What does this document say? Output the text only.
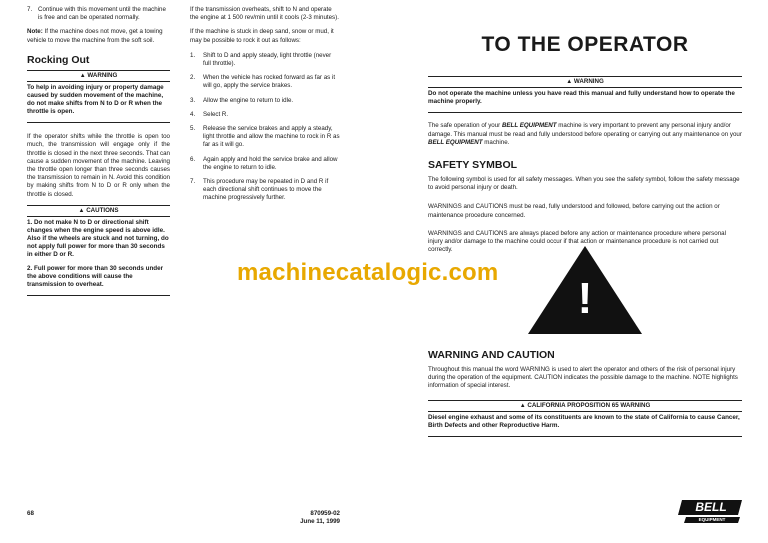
7. Continue with this movement until the machine is free and can be operated normally.

Note: If the machine does not move, get a towing vehicle to move the machine from the soft soil.

Rocking Out

▲ WARNING

To help in avoiding injury or property damage caused by sudden movement of the machine, do not make shifts from N to D or R when the throttle is open.

If the operator shifts while the throttle is open too much, the transmission will engage only if the throttle is closed in the next three seconds. That can cause a sudden movement of the machine. Leaving the throttle open longer than three seconds causes the transmission to remain in N. Avoid this condition by making shifts from N to D or R only when the throttle is closed.

▲ CAUTIONS

1. Do not make N to D or directional shift changes when the engine speed is above idle. Also if the wheels are stuck and not turning, do not apply full power for more than 30 seconds in either D or R.

2. Full power for more than 30 seconds under the above conditions will cause the transmission to overheat.

If the transmission overheats, shift to N and operate the engine at 1 500 rev/min until it cools (2-3 minutes).

If the machine is stuck in deep sand, snow or mud, it may be possible to rock it out as follows:

1. Shift to D and apply steady, light throttle (never full throttle).
2. When the vehicle has rocked forward as far as it will go, apply the service brakes.
3. Allow the engine to return to idle.
4. Select R.
5. Release the service brakes and apply a steady, light throttle and allow the machine to rock in R as far as it will go.
6. Again apply and hold the service brake and allow the engine to return to idle.
7. This procedure may be repeated in D and R if each directional shift continues to move the machine progressively further.
68	870959-02
June 11, 1999
TO THE OPERATOR
▲ WARNING

Do not operate the machine unless you have read this manual and fully understand how to operate the machine properly.

The safe operation of your BELL EQUIPMENT machine is very important to prevent any personal injury and/or damage. This manual must be read and fully understood before operating or carrying out any maintenance on your BELL EQUIPMENT machine.

SAFETY SYMBOL

The following symbol is used for all safety messages. When you see the safety symbol, follow the safety message to avoid personal injury or death.

WARNINGS and CAUTIONS must be read, fully understood and followed, before carrying out the action or maintenance procedure concerned.

WARNINGS and CAUTIONS are always placed before any action or maintenance procedure where personal injury and/or damage to the machine could occur if that action or maintenance procedure is not carried out correctly.

!

WARNING AND CAUTION

Throughout this manual the word WARNING is used to alert the operator and others of the risk of personal injury during the operation of the equipment. CAUTION indicates the possible damage to the machine. NOTE highlights information of special interest.

▲ CALIFORNIA PROPOSITION 65 WARNING

Diesel engine exhaust and some of its constituents are known to the state of California to cause Cancer, Birth Defects and other Reproductive Harm.

BELL
EQUIPMENT
machinecatalogic.com
